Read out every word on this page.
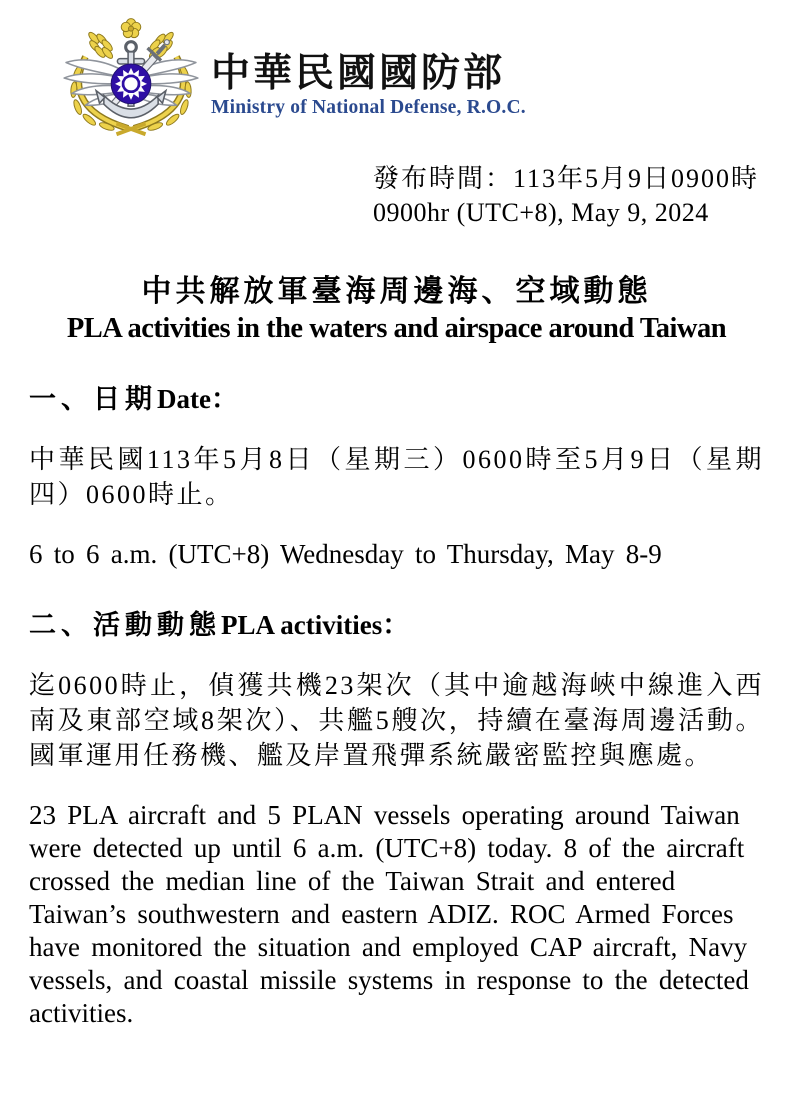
中華民國國防部
Ministry of National Defense, R.O.C.
發布時間：113年5月9日0900時
0900hr (UTC+8), May 9, 2024
中共解放軍臺海周邊海、空域動態
PLA activities in the waters and airspace around Taiwan
一、日期Date：
中華民國113年5月8日（星期三）0600時至5月9日（星期四）0600時止。
6 to 6 a.m. (UTC+8) Wednesday to Thursday, May 8-9
二、活動動態PLA activities：
迄0600時止，偵獲共機23架次（其中逾越海峽中線進入西南及東部空域8架次）、共艦5艘次，持續在臺海周邊活動。國軍運用任務機、艦及岸置飛彈系統嚴密監控與應處。
23 PLA aircraft and 5 PLAN vessels operating around Taiwan were detected up until 6 a.m. (UTC+8) today. 8 of the aircraft crossed the median line of the Taiwan Strait and entered Taiwan’s southwestern and eastern ADIZ. ROC Armed Forces have monitored the situation and employed CAP aircraft, Navy vessels, and coastal missile systems in response to the detected activities.
